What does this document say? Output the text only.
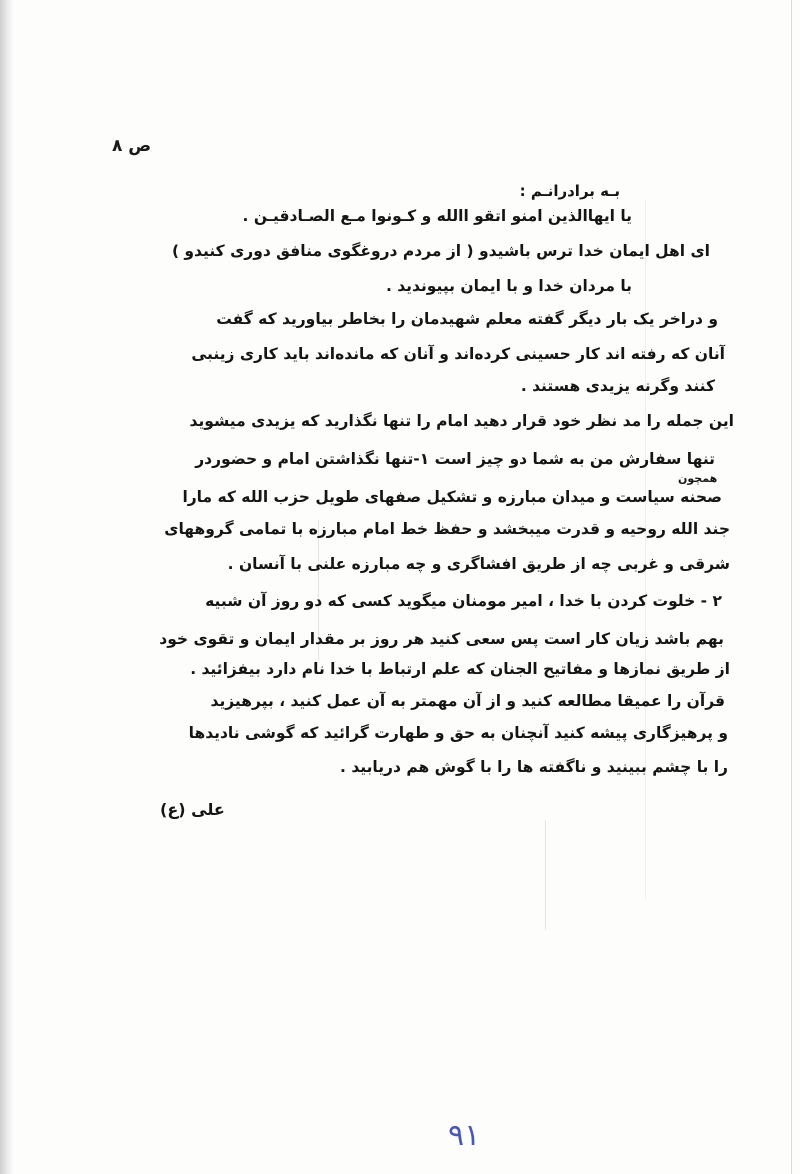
ص ۸
بـه برادرانـم :
یا ایهاالذین امنو اتقو االله و کـونوا مـع الصـادقیـن .
ای اهل ایمان خدا ترس باشیدو ( از مردم دروغگوی منافق دوری کنیدو )
با مردان خدا و با ایمان بپیوندید .
و دراخر یک بار دیگر گفته معلم شهیدمان را بخاطر بیاورید که گفت
آنان که رفته اند کار حسینی کرده‌اند و آنان که مانده‌اند باید کاری زینبی
کنند وگرنه یزیدی هستند .
این جمله را مد نظر خود قرار دهید امام را تنها نگذارید که یزیدی میشوید
تنها سفارش من به شما دو چیز است ۱-تنها نگذاشتن امام و حضوردر
همچون
صحنه سیاست و میدان مبارزه و تشکیل صفهای طویل حزب الله که مارا
جند الله روحیه و قدرت میبخشد و حفظ خط امام مبارزه با تمامی گروههای
شرقی و غربی چه از طریق افشاگری و چه مبارزه علنی با آنسان .
۲ - خلوت کردن با خدا ، امیر مومنان میگوید کسی که دو روز آن شبیه
بهم باشد زیان کار است پس سعی کنید هر روز بر مقدار ایمان و تقوی خود
از طریق نمازها و مفاتیح الجنان که علم ارتباط با خدا نام دارد بیفزائید .
قرآن را عمیقا مطالعه کنید و از آن مهمتر به آن عمل کنید ، بپرهیزید
و پرهیزگاری پیشه کنید آنچنان به حق و طهارت گرائید که گوشی نادیدها
را با چشم ببینید و ناگفته ها را با گوش هم دریابید .
علی (ع)
۹۱
